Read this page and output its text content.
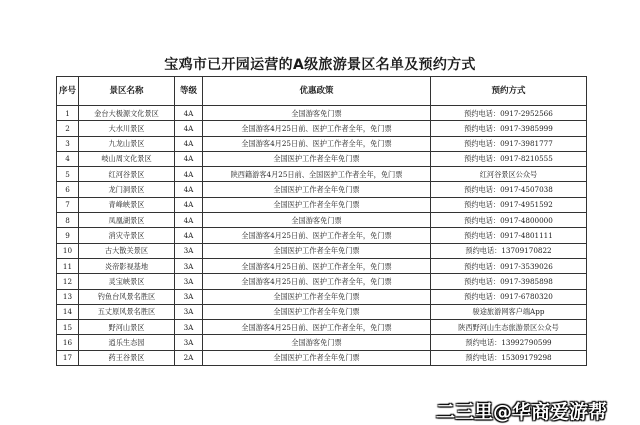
宝鸡市已开园运营的A级旅游景区名单及预约方式
序号	景区名称	等级	优惠政策	预约方式
1	金台大极源文化景区	4A	全国游客免门票	预约电话：0917-2952566
2	大水川景区	4A	全国游客4月25日前、医护工作者全年，免门票	预约电话：0917-3985999
3	九龙山景区	4A	全国游客4月25日前、医护工作者全年，免门票	预约电话：0917-3981777
4	岐山周文化景区	4A	全国医护工作者全年免门票	预约电话：0917-8210555
5	红河谷景区	4A	陕西籍游客4月25日前、全国医护工作者全年，免门票	红河谷景区公众号
6	龙门洞景区	4A	全国医护工作者全年免门票	预约电话：0917-4507038
7	青峰峡景区	4A	全国医护工作者全年免门票	预约电话：0917-4951592
8	凤凰湖景区	4A	全国游客免门票	预约电话：0917-4800000
9	消灾寺景区	4A	全国游客4月25日前、医护工作者全年，免门票	预约电话：0917-4801111
10	古大散关景区	3A	全国医护工作者全年免门票	预约电话：13709170822
11	炎帝影视基地	3A	全国游客4月25日前、医护工作者全年，免门票	预约电话：0917-3539026
12	灵宝峡景区	3A	全国游客4月25日前、医护工作者全年，免门票	预约电话：0917-3985898
13	钓鱼台风景名胜区	3A	全国医护工作者全年免门票	预约电话：0917-6780320
14	五丈原风景名胜区	3A	全国医护工作者全年免门票	骏途旅游网客户端App
15	野河山景区	3A	全国游客4月25日前、医护工作者全年，免门票	陕西野河山生态旅游景区公众号
16	逍乐生态园	3A	全国游客免门票	预约电话：13992790599
17	药王谷景区	2A	全国医护工作者全年免门票	预约电话：15309179298
二三里@华商爱游帮
